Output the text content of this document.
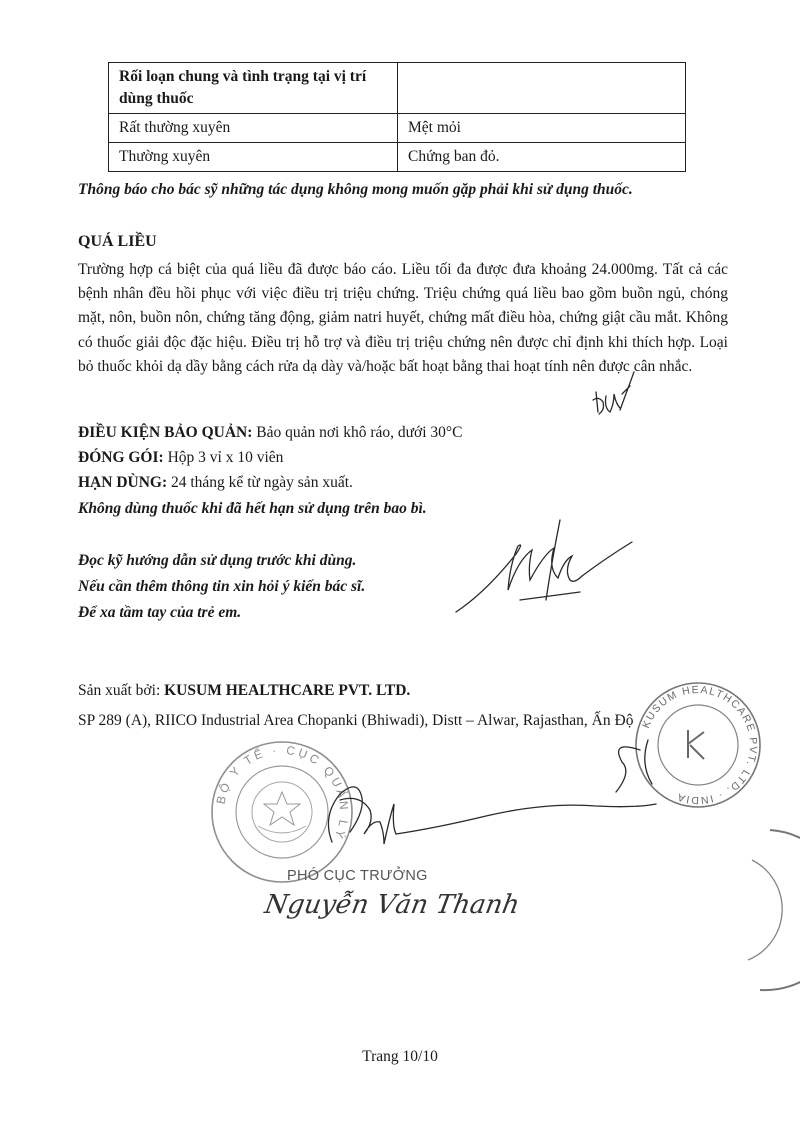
Rối loạn chung và tình trạng tại vị trí dùng thuốc	
Rất thường xuyên	Mệt mỏi
Thường xuyên	Chứng ban đỏ.
Thông báo cho bác sỹ những tác dụng không mong muốn gặp phải khi sử dụng thuốc.
QUÁ LIỀU
Trường hợp cá biệt của quá liều đã được báo cáo. Liều tối đa được đưa khoảng 24.000mg. Tất cả các bệnh nhân đều hồi phục với việc điều trị triệu chứng. Triệu chứng quá liều bao gồm buồn ngủ, chóng mặt, nôn, buồn nôn, chứng tăng động, giảm natri huyết, chứng mất điều hòa, chứng giật cầu mắt. Không có thuốc giải độc đặc hiệu. Điều trị hỗ trợ và điều trị triệu chứng nên được chỉ định khi thích hợp. Loại bỏ thuốc khỏi dạ dầy bằng cách rửa dạ dày và/hoặc bất hoạt bằng thai hoạt tính nên được cân nhắc.
ĐIỀU KIỆN BẢO QUẢN: Bảo quản nơi khô ráo, dưới 30°C
ĐÓNG GÓI: Hộp 3 vỉ x 10 viên
HẠN DÙNG: 24 tháng kể từ ngày sản xuất.
Không dùng thuốc khi đã hết hạn sử dụng trên bao bì.
Đọc kỹ hướng dẫn sử dụng trước khi dùng.
Nếu cần thêm thông tin xin hỏi ý kiến bác sĩ.
Để xa tầm tay của trẻ em.
Sản xuất bởi: KUSUM HEALTHCARE PVT. LTD.
SP 289 (A), RIICO Industrial Area Chopanki (Bhiwadi), Distt – Alwar, Rajasthan, Ấn Độ
BỘ Y TẾ · CỤC QUẢN LÝ
KUSUM HEALTHCARE PVT. LTD. · INDIA
PHÓ CỤC TRƯỞNG
Nguyễn Văn Thanh
Trang 10/10
